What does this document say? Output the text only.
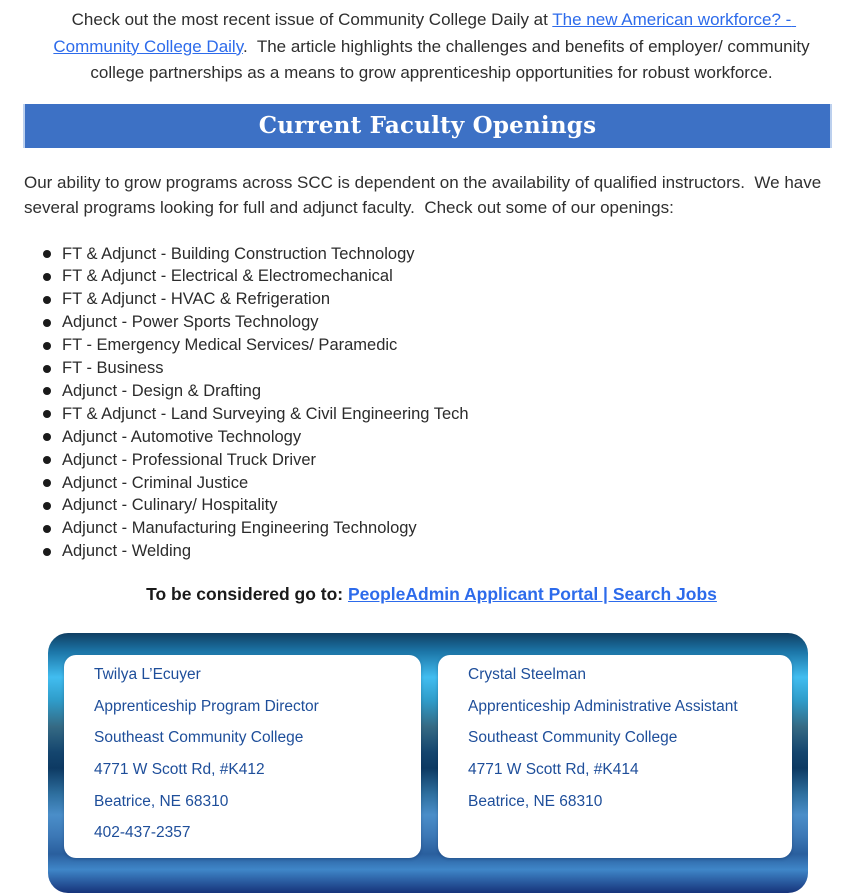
Check out the most recent issue of Community College Daily at The new American workforce? - Community College Daily.  The article highlights the challenges and benefits of employer/ community college partnerships as a means to grow apprenticeship opportunities for robust workforce.

Current Faculty Openings

Our ability to grow programs across SCC is dependent on the availability of qualified instructors.  We have several programs looking for full and adjunct faculty.  Check out some of our openings:

FT & Adjunct - Building Construction Technology
FT & Adjunct - Electrical & Electromechanical
FT & Adjunct - HVAC & Refrigeration
Adjunct - Power Sports Technology
FT - Emergency Medical Services/ Paramedic
FT - Business
Adjunct - Design & Drafting
FT & Adjunct - Land Surveying & Civil Engineering Tech
Adjunct - Automotive Technology
Adjunct - Professional Truck Driver
Adjunct - Criminal Justice
Adjunct - Culinary/ Hospitality
Adjunct - Manufacturing Engineering Technology
Adjunct - Welding

To be considered go to: PeopleAdmin Applicant Portal | Search Jobs

Twilya L’Ecuyer
Apprenticeship Program Director
Southeast Community College
4771 W Scott Rd, #K412
Beatrice, NE 68310
402-437-2357
Crystal Steelman
Apprenticeship Administrative Assistant
Southeast Community College
4771 W Scott Rd, #K414
Beatrice, NE 68310
